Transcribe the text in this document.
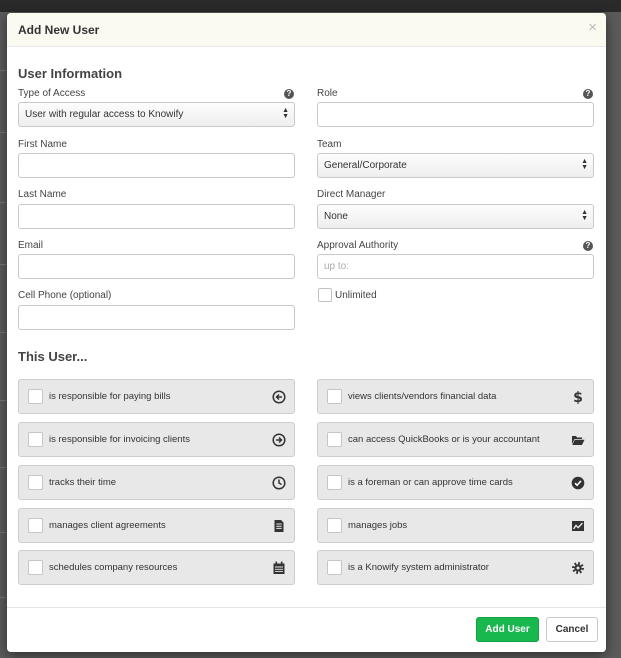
Add New User	×
User Information
Type of Access	?
User with regular access to Knowify	▲
▼
Role	?
First Name	Team
General/Corporate	▲
▼
Last Name	Direct Manager
None	▲
▼
Email	Approval Authority	?
up to:
Cell Phone (optional)	Unlimited
This User...
is responsible for paying bills	views clients/vendors financial data	$
is responsible for invoicing clients	can access QuickBooks or is your accountant
tracks their time	is a foreman or can approve time cards
manages client agreements	manages jobs
schedules company resources	is a Knowify system administrator
Add User	Cancel
